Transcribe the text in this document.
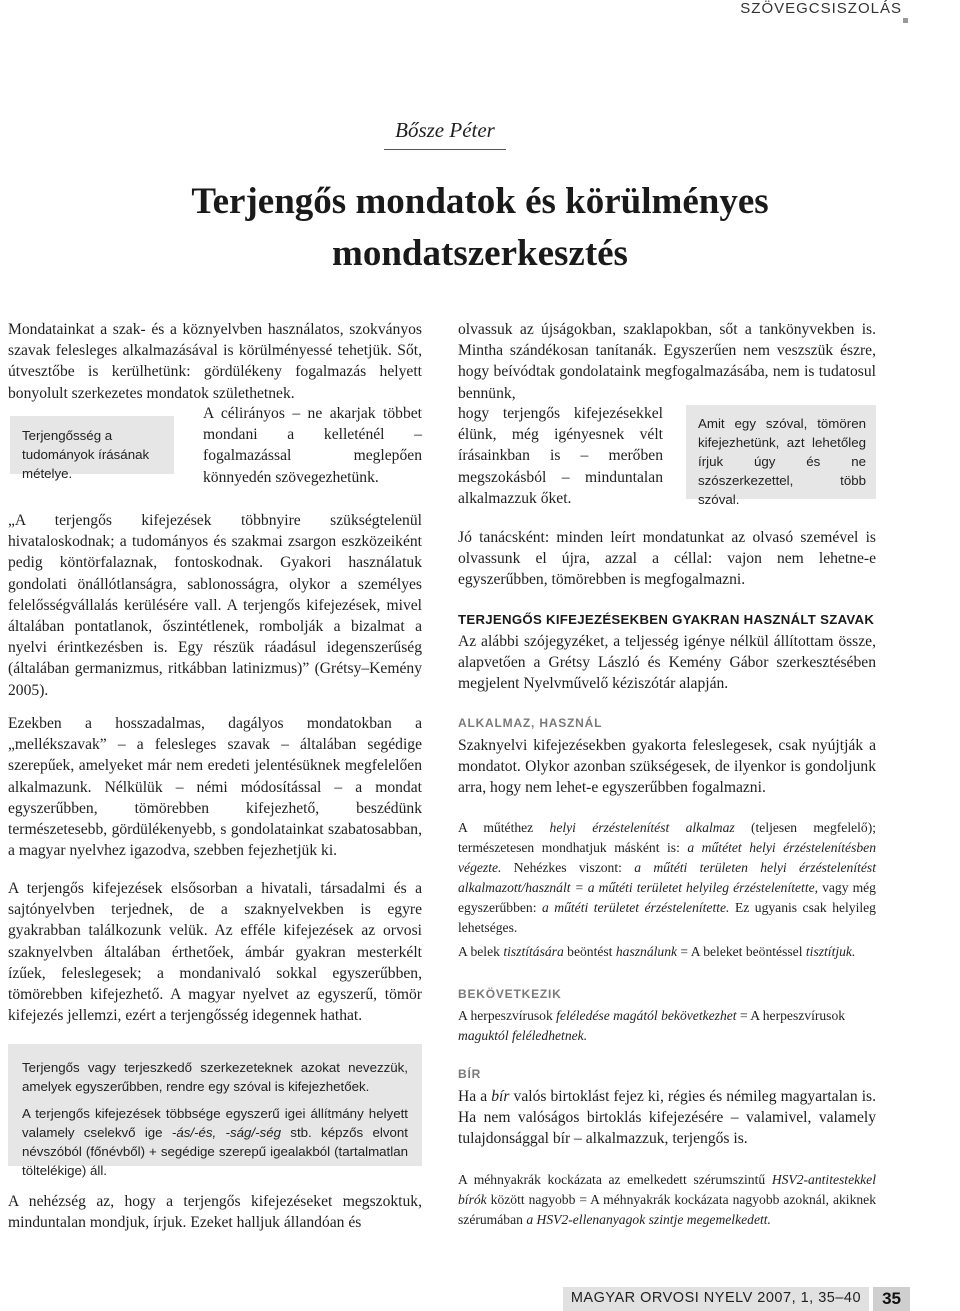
SZÖVEGCSISZOLÁS
Bősze Péter
Terjengős mondatok és körülményes mondatszerkesztés

Mondatainkat a szak- és a köznyelvben használatos, szokványos szavak felesleges alkalmazásával is körülményessé tehetjük. Sőt, útvesztőbe is kerülhetünk: gördülékeny fogalmazás helyett bonyolult szerkezetes mondatok születhetnek.

Terjengősség a tudományok írásának mételye.

A célirányos – ne akarjak többet mondani a kelleténél – fogalmazással meglepően könnyedén szövegezhetünk.

„A terjengős kifejezések többnyire szükségtelenül hivataloskodnak; a tudományos és szakmai zsargon eszközeiként pedig köntörfalaznak, fontoskodnak. Gyakori használatuk gondolati önállótlanságra, sablonosságra, olykor a személyes felelősségvállalás kerülésére vall. A terjengős kifejezések, mivel általában pontatlanok, őszintétlenek, rombolják a bizalmat a nyelvi érintkezésben is. Egy részük ráadásul idegenszerűség (általában germanizmus, ritkábban latinizmus)” (Grétsy–Kemény 2005).

Ezekben a hosszadalmas, dagályos mondatokban a „mellékszavak” – a felesleges szavak – általában segédige szerepűek, amelyeket már nem eredeti jelentésüknek megfelelően alkalmazunk. Nélkülük – némi módosítással – a mondat egyszerűbben, tömörebben kifejezhető, beszédünk természetesebb, gördülékenyebb, s gondolatainkat szabatosabban, a magyar nyelvhez igazodva, szebben fejezhetjük ki.

A terjengős kifejezések elsősorban a hivatali, társadalmi és a sajtónyelvben terjednek, de a szaknyelvekben is egyre gyakrabban találkozunk velük. Az efféle kifejezések az orvosi szaknyelvben általában érthetőek, ámbár gyakran mesterkélt ízűek, feleslegesek; a mondanivaló sokkal egyszerűbben, tömörebben kifejezhető. A magyar nyelvet az egyszerű, tömör kifejezés jellemzi, ezért a terjengősség idegennek hathat.

Terjengős vagy terjeszkedő szerkezeteknek azokat nevezzük, amelyek egyszerűbben, rendre egy szóval is kifejezhetőek.
A terjengős kifejezések többsége egyszerű igei állítmány helyett valamely cselekvő ige -ás/-és, -ság/-ség stb. képzős elvont névszóból (főnévből) + segédige szerepű igealakból (tartalmatlan töltelékige) áll.

A nehézség az, hogy a terjengős kifejezéseket megszoktuk, minduntalan mondjuk, írjuk. Ezeket halljuk állandóan és

olvassuk az újságokban, szaklapokban, sőt a tankönyvekben is. Mintha szándékosan tanítanák. Egyszerűen nem veszszük észre, hogy beívódtak gondolataink megfogalmazásába, nem is tudatosul bennünk,

hogy terjengős kifejezésekkel élünk, még igényesnek vélt írásainkban is – merőben megszokásból – minduntalan alkalmazzuk őket.

Amit egy szóval, tömören kifejezhetünk, azt lehetőleg írjuk úgy és ne szószerkezettel, több szóval.

Jó tanácsként: minden leírt mondatunkat az olvasó szemével is olvassunk el újra, azzal a céllal: vajon nem lehetne-e egyszerűbben, tömörebben is megfogalmazni.

TERJENGŐS KIFEJEZÉSEKBEN GYAKRAN HASZNÁLT SZAVAK

Az alábbi szójegyzéket, a teljesség igénye nélkül állítottam össze, alapvetően a Grétsy László és Kemény Gábor szerkesztésében megjelent Nyelvművelő kéziszótár alapján.

ALKALMAZ, HASZNÁL

Szaknyelvi kifejezésekben gyakorta feleslegesek, csak nyújtják a mondatot. Olykor azonban szükségesek, de ilyenkor is gondoljunk arra, hogy nem lehet-e egyszerűbben fogalmazni.

A műtéthez helyi érzéstelenítést alkalmaz (teljesen megfelelő); természetesen mondhatjuk másként is: a műtétet helyi érzéstelenítésben végezte. Nehézkes viszont: a műtéti területen helyi érzéstelenítést alkalmazott/használt = a műtéti területet helyileg érzéstelenítette, vagy még egyszerűbben: a műtéti területet érzéstelenítette. Ez ugyanis csak helyileg lehetséges.

A belek tisztítására beöntést használunk = A beleket beöntéssel tisztítjuk.

BEKÖVETKEZIK

A herpeszvírusok feléledése magától bekövetkezhet = A herpeszvírusok maguktól feléledhetnek.

BÍR

Ha a bír valós birtoklást fejez ki, régies és némileg magyartalan is. Ha nem valóságos birtoklás kifejezésére – valamivel, valamely tulajdonsággal bír – alkalmazzuk, terjengős is.

A méhnyakrák kockázata az emelkedett szérumszintű HSV2-antitestekkel bírók között nagyobb = A méhnyakrák kockázata nagyobb azoknál, akiknek szérumában a HSV2-ellenanyagok szintje megemelkedett.

MAGYAR ORVOSI NYELV 2007, 1, 35–40	35
